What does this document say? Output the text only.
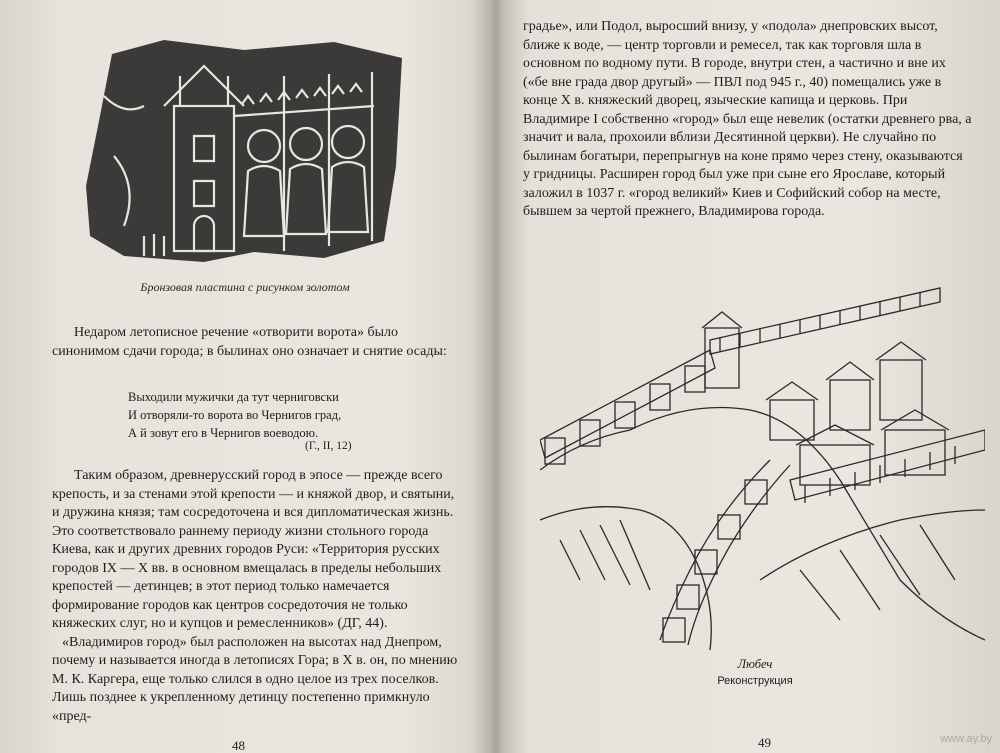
Бронзовая пластина с рисунком золотом

Недаром летописное речение «отворити ворота» было синонимом сдачи города; в былинах оно означает и снятие осады:

Выходили мужички да тут черниговски
И отворяли-то ворота во Чернигов град,
А й зовут его в Чернигов воеводою.
(Г., II, 12)

Таким образом, древнерусский город в эпосе — прежде всего крепость, и за стенами этой крепости — и княжой двор, и святыни, и дружина князя; там сосредоточена и вся дипломатическая жизнь. Это соответствовало раннему периоду жизни стольного города Киева, как и других древних городов Руси: «Территория русских городов IX — X вв. в основном вмещалась в пределы небольших крепостей — детинцев; в этот период только намечается формирование городов как центров сосредоточия не только княжеских слуг, но и купцов и ремесленников» (ДГ, 44).

«Владимиров город» был расположен на высотах над Днепром, почему и называется иногда в летописях Гора; в X в. он, по мнению М. К. Каргера, еще только слился в одно целое из трех поселков. Лишь позднее к укрепленному детинцу постепенно примкнуло «пред-

48

градье», или Подол, выросший внизу, у «подола» днепровских высот, ближе к воде, — центр торговли и ремесел, так как торговля шла в основном по водному пути. В городе, внутри стен, а частично и вне их («бе вне града двор другый» — ПВЛ под 945 г., 40) помещались уже в конце X в. княжеский дворец, языческие капища и церковь. При Владимире I собственно «город» был еще невелик (остатки древнего рва, а значит и вала, прохоили вблизи Десятинной церкви). Не случайно по былинам богатыри, перепрыгнув на коне прямо через стену, оказываются у гридницы. Расширен город был уже при сыне его Ярославе, который заложил в 1037 г. «город великий» Киев и Софийский собор на месте, бывшем за чертой прежнего, Владимирова города.

Любеч
Реконструкция
49	www.ay.by
